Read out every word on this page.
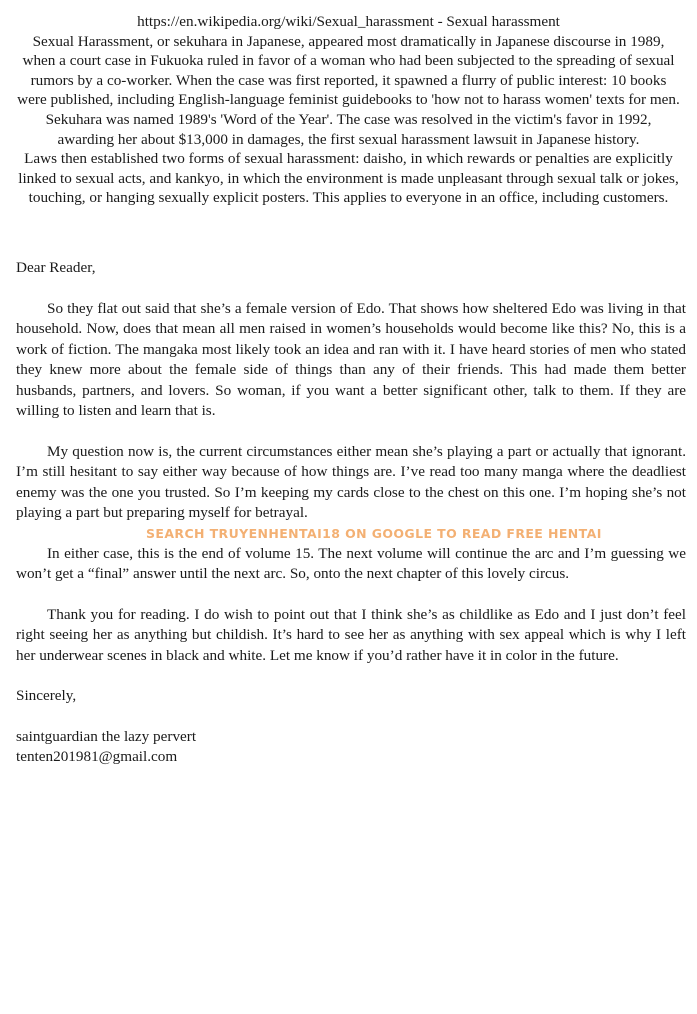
https://en.wikipedia.org/wiki/Sexual_harassment - Sexual harassment

Sexual Harassment, or sekuhara in Japanese, appeared most dramatically in Japanese discourse in 1989, when a court case in Fukuoka ruled in favor of a woman who had been subjected to the spreading of sexual rumors by a co-worker. When the case was first reported, it spawned a flurry of public interest: 10 books were published, including English-language feminist guidebooks to 'how not to harass women' texts for men. Sekuhara was named 1989's 'Word of the Year'. The case was resolved in the victim's favor in 1992, awarding her about $13,000 in damages, the first sexual harassment lawsuit in Japanese history.

Laws then established two forms of sexual harassment: daisho, in which rewards or penalties are explicitly linked to sexual acts, and kankyo, in which the environment is made unpleasant through sexual talk or jokes, touching, or hanging sexually explicit posters. This applies to everyone in an office, including customers.

Dear Reader,

So they flat out said that she’s a female version of Edo. That shows how sheltered Edo was living in that household. Now, does that mean all men raised in women’s households would become like this? No, this is a work of fiction. The mangaka most likely took an idea and ran with it. I have heard stories of men who stated they knew more about the female side of things than any of their friends. This had made them better husbands, partners, and lovers. So woman, if you want a better significant other, talk to them. If they are willing to listen and learn that is.

My question now is, the current circumstances either mean she’s playing a part or actually that ignorant. I’m still hesitant to say either way because of how things are. I’ve read too many manga where the deadliest enemy was the one you trusted. So I’m keeping my cards close to the chest on this one. I’m hoping she’s not playing a part but preparing myself for betrayal.

In either case, this is the end of volume 15. The next volume will continue the arc and I’m guessing we won’t get a “final” answer until the next arc. So, onto the next chapter of this lovely circus.

Thank you for reading. I do wish to point out that I think she’s as childlike as Edo and I just don’t feel right seeing her as anything but childish. It’s hard to see her as anything with sex appeal which is why I left her underwear scenes in black and white. Let me know if you’d rather have it in color in the future.

Sincerely,

saintguardian the lazy pervert

tenten201981@gmail.com

SEARCH TRUYENHENTAI18 ON GOOGLE TO READ FREE HENTAI
